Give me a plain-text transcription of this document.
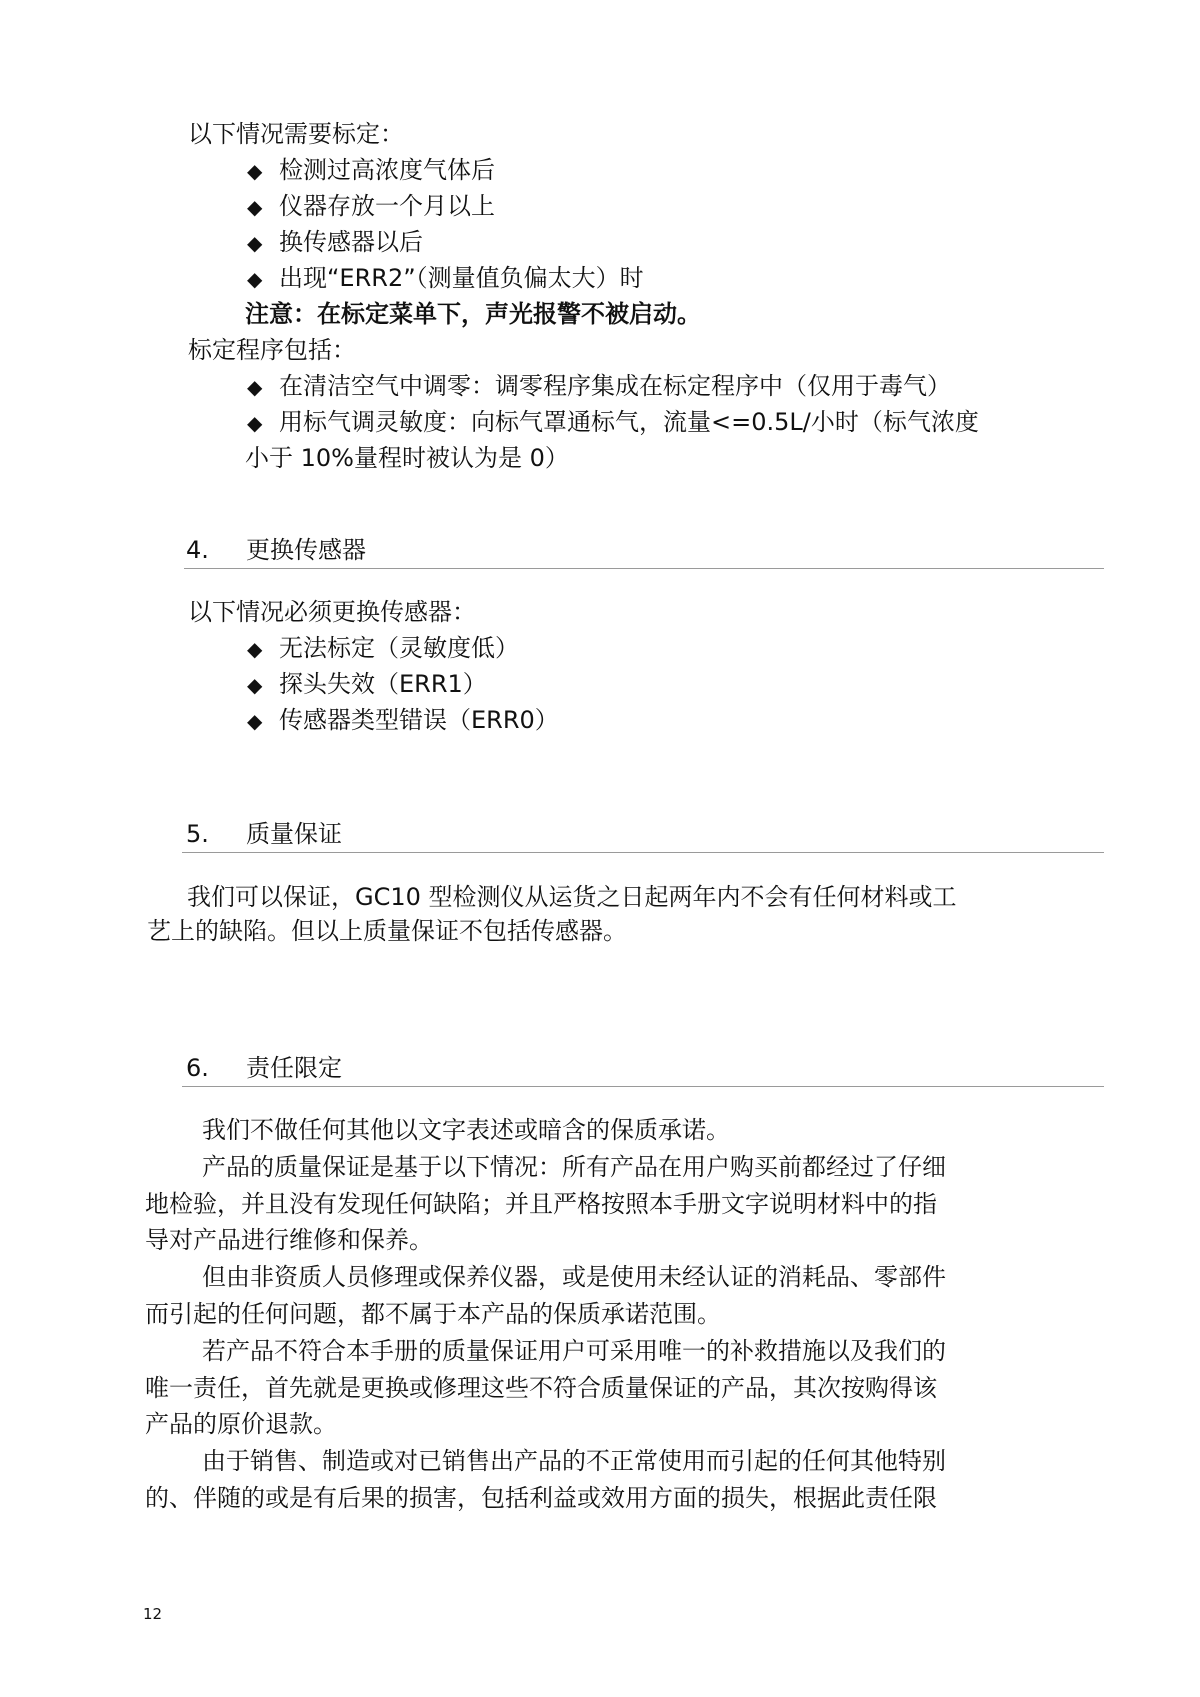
以下情况需要标定：
◆ 检测过高浓度气体后
◆ 仪器存放一个月以上
◆ 换传感器以后
◆ 出现“ERR2”（测量值负偏太大）时
注意：在标定菜单下，声光报警不被启动。
标定程序包括：
◆ 在清洁空气中调零：调零程序集成在标定程序中（仅用于毒气）
◆ 用标气调灵敏度：向标气罩通标气，流量<=0.5L/小时（标气浓度
小于 10%量程时被认为是 0）
4. 更换传感器
以下情况必须更换传感器：
◆ 无法标定（灵敏度低）
◆ 探头失效（ERR1）
◆ 传感器类型错误（ERR0）
5. 质量保证
我们可以保证，GC10 型检测仪从运货之日起两年内不会有任何材料或工
艺上的缺陷。但以上质量保证不包括传感器。
6. 责任限定
我们不做任何其他以文字表述或暗含的保质承诺。
产品的质量保证是基于以下情况：所有产品在用户购买前都经过了仔细
地检验，并且没有发现任何缺陷；并且严格按照本手册文字说明材料中的指
导对产品进行维修和保养。
但由非资质人员修理或保养仪器，或是使用未经认证的消耗品、零部件
而引起的任何问题，都不属于本产品的保质承诺范围。
若产品不符合本手册的质量保证用户可采用唯一的补救措施以及我们的
唯一责任，首先就是更换或修理这些不符合质量保证的产品，其次按购得该
产品的原价退款。
由于销售、制造或对已销售出产品的不正常使用而引起的任何其他特别
的、伴随的或是有后果的损害，包括利益或效用方面的损失，根据此责任限
12
